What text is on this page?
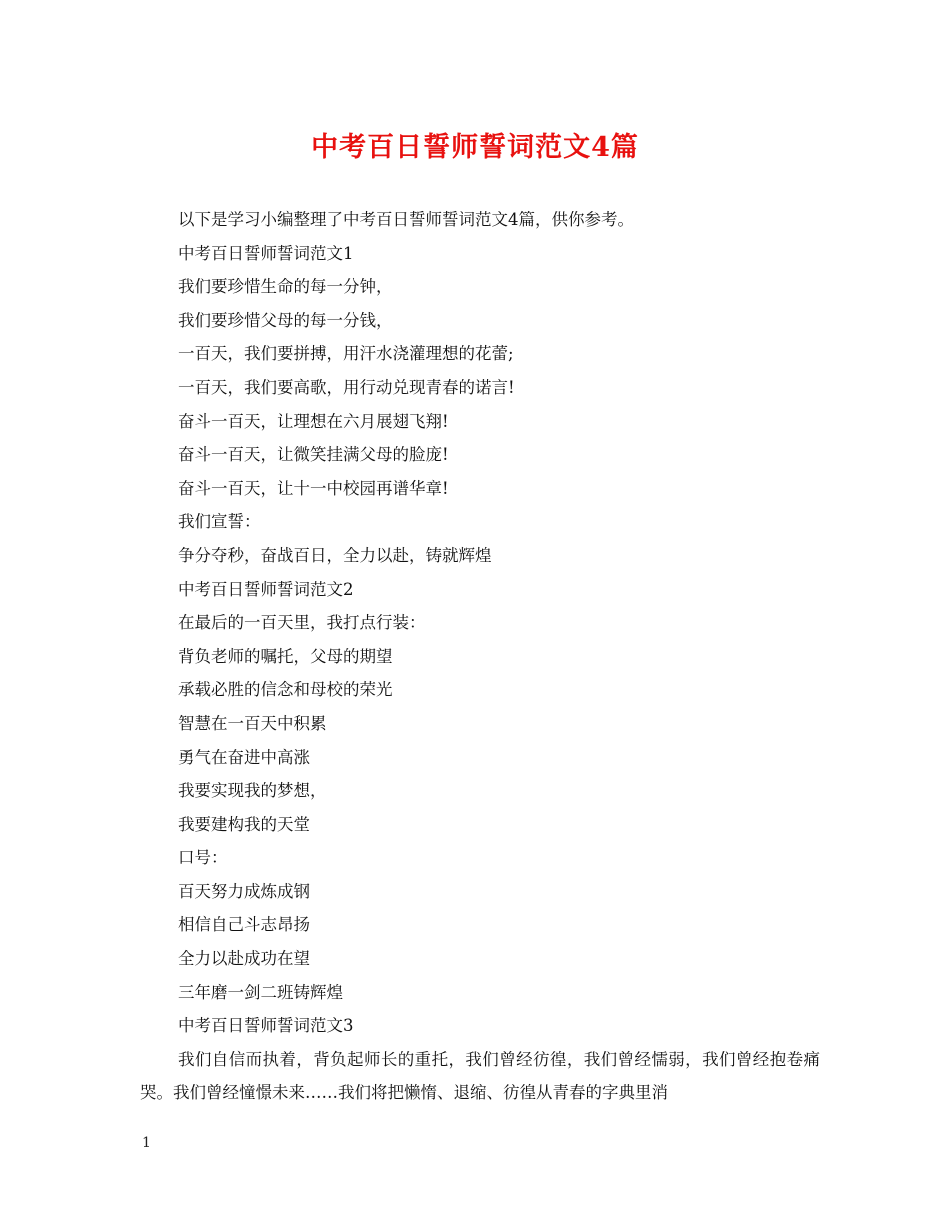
中考百日誓师誓词范文4篇

以下是学习小编整理了中考百日誓师誓词范文4篇，供你参考。

中考百日誓师誓词范文1

我们要珍惜生命的每一分钟，

我们要珍惜父母的每一分钱，

一百天，我们要拼搏，用汗水浇灌理想的花蕾;

一百天，我们要高歌，用行动兑现青春的诺言!

奋斗一百天，让理想在六月展翅飞翔!

奋斗一百天，让微笑挂满父母的脸庞!

奋斗一百天，让十一中校园再谱华章!

我们宣誓：

争分夺秒，奋战百日，全力以赴，铸就辉煌

中考百日誓师誓词范文2

在最后的一百天里，我打点行装：

背负老师的嘱托，父母的期望

承载必胜的信念和母校的荣光

智慧在一百天中积累

勇气在奋进中高涨

我要实现我的梦想，

我要建构我的天堂

口号：

百天努力成炼成钢

相信自己斗志昂扬

全力以赴成功在望

三年磨一剑二班铸辉煌

中考百日誓师誓词范文3

我们自信而执着，背负起师长的重托，我们曾经彷徨，我们曾经懦弱，我们曾经抱卷痛哭。我们曾经憧憬未来……我们将把懒惰、退缩、彷徨从青春的字典里消

1
